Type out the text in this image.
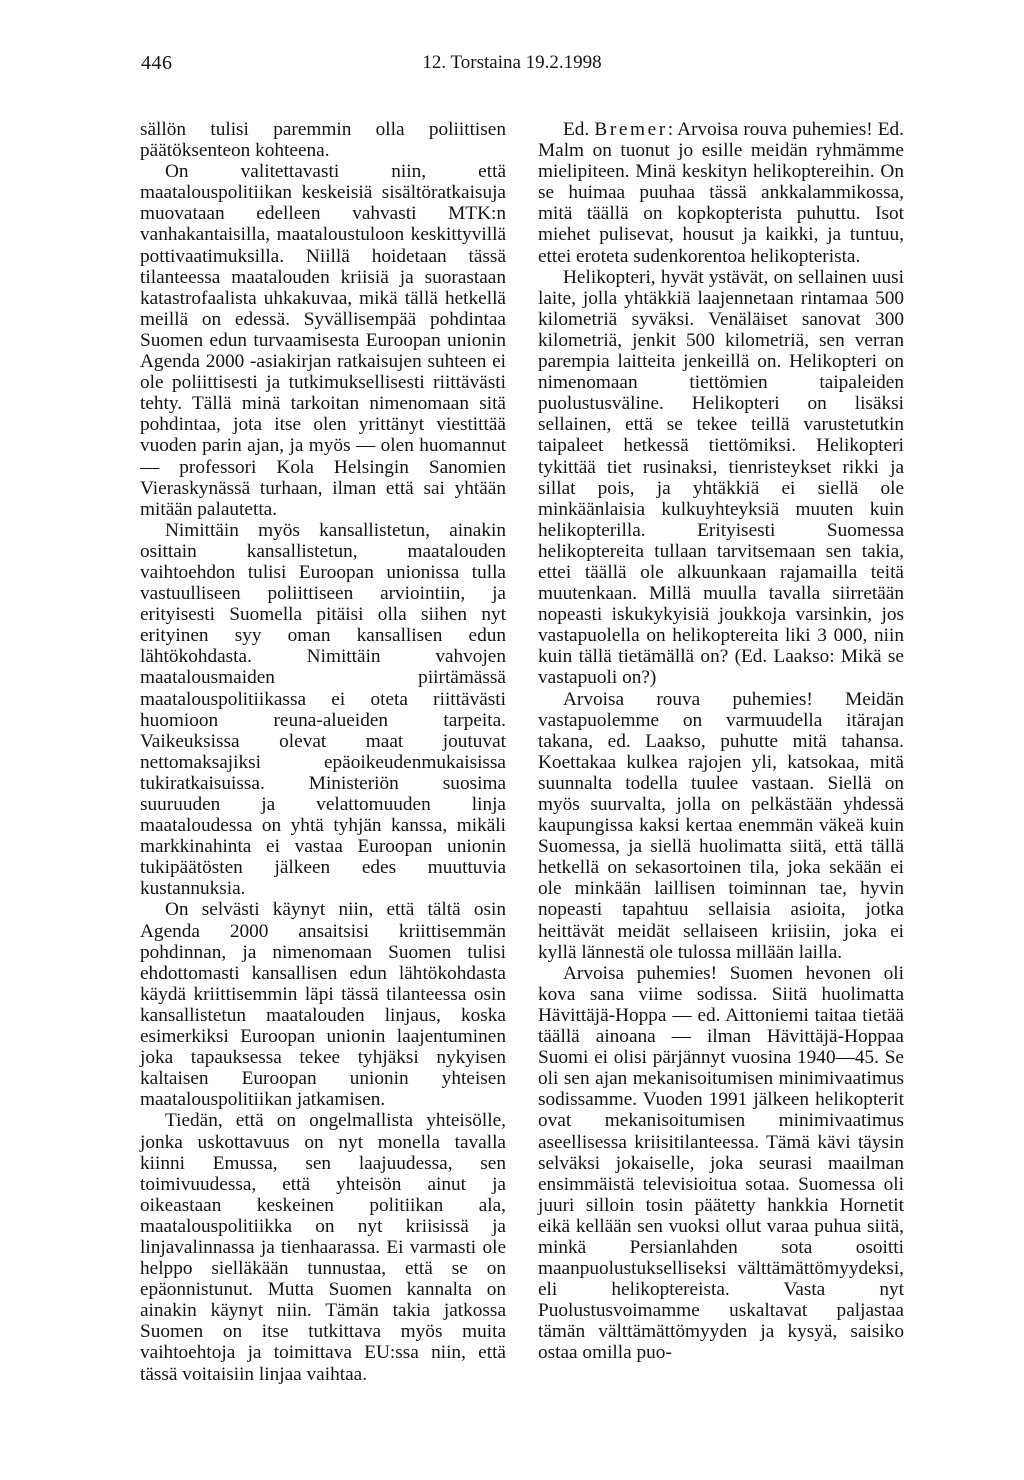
446	12. Torstaina 19.2.1998

sällön tulisi paremmin olla poliittisen päätöksenteon kohteena.

On valitettavasti niin, että maatalouspolitiikan keskeisiä sisältöratkaisuja muovataan edelleen vahvasti MTK:n vanhakantaisilla, maataloustuloon keskittyvillä pottivaatimuksilla. Niillä hoidetaan tässä tilanteessa maatalouden kriisiä ja suorastaan katastrofaalista uhkakuvaa, mikä tällä hetkellä meillä on edessä. Syvällisempää pohdintaa Suomen edun turvaamisesta Euroopan unionin Agenda 2000 -asiakirjan ratkaisujen suhteen ei ole poliittisesti ja tutkimuksellisesti riittävästi tehty. Tällä minä tarkoitan nimenomaan sitä pohdintaa, jota itse olen yrittänyt viestittää vuoden parin ajan, ja myös — olen huomannut — professori Kola Helsingin Sanomien Vieraskynässä turhaan, ilman että sai yhtään mitään palautetta.

Nimittäin myös kansallistetun, ainakin osittain kansallistetun, maatalouden vaihtoehdon tulisi Euroopan unionissa tulla vastuulliseen poliittiseen arviointiin, ja erityisesti Suomella pitäisi olla siihen nyt erityinen syy oman kansallisen edun lähtökohdasta. Nimittäin vahvojen maatalousmaiden piirtämässä maatalouspolitiikassa ei oteta riittävästi huomioon reuna-alueiden tarpeita. Vaikeuksissa olevat maat joutuvat nettomaksajiksi epäoikeudenmukaisissa tukiratkaisuissa. Ministeriön suosima suuruuden ja velattomuuden linja maataloudessa on yhtä tyhjän kanssa, mikäli markkinahinta ei vastaa Euroopan unionin tukipäätösten jälkeen edes muuttuvia kustannuksia.

On selvästi käynyt niin, että tältä osin Agenda 2000 ansaitsisi kriittisemmän pohdinnan, ja nimenomaan Suomen tulisi ehdottomasti kansallisen edun lähtökohdasta käydä kriittisemmin läpi tässä tilanteessa osin kansallistetun maatalouden linjaus, koska esimerkiksi Euroopan unionin laajentuminen joka tapauksessa tekee tyhjäksi nykyisen kaltaisen Euroopan unionin yhteisen maatalouspolitiikan jatkamisen.

Tiedän, että on ongelmallista yhteisölle, jonka uskottavuus on nyt monella tavalla kiinni Emussa, sen laajuudessa, sen toimivuudessa, että yhteisön ainut ja oikeastaan keskeinen politiikan ala, maatalouspolitiikka on nyt kriisissä ja linjavalinnassa ja tienhaarassa. Ei varmasti ole helppo sielläkään tunnustaa, että se on epäonnistunut. Mutta Suomen kannalta on ainakin käynyt niin. Tämän takia jatkossa Suomen on itse tutkittava myös muita vaihtoehtoja ja toimittava EU:ssa niin, että tässä voitaisiin linjaa vaihtaa.

Ed. Bremer: Arvoisa rouva puhemies! Ed. Malm on tuonut jo esille meidän ryhmämme mielipiteen. Minä keskityn helikoptereihin. On se huimaa puuhaa tässä ankkalammikossa, mitä täällä on kopkopterista puhuttu. Isot miehet pulisevat, housut ja kaikki, ja tuntuu, ettei eroteta sudenkorentoa helikopterista.

Helikopteri, hyvät ystävät, on sellainen uusi laite, jolla yhtäkkiä laajennetaan rintamaa 500 kilometriä syväksi. Venäläiset sanovat 300 kilometriä, jenkit 500 kilometriä, sen verran parempia laitteita jenkeillä on. Helikopteri on nimenomaan tiettömien taipaleiden puolustusväline. Helikopteri on lisäksi sellainen, että se tekee teillä varustetutkin taipaleet hetkessä tiettömiksi. Helikopteri tykittää tiet rusinaksi, tienristeykset rikki ja sillat pois, ja yhtäkkiä ei siellä ole minkäänlaisia kulkuyhteyksiä muuten kuin helikopterilla. Erityisesti Suomessa helikoptereita tullaan tarvitsemaan sen takia, ettei täällä ole alkuunkaan rajamailla teitä muutenkaan. Millä muulla tavalla siirretään nopeasti iskukykyisiä joukkoja varsinkin, jos vastapuolella on helikoptereita liki 3 000, niin kuin tällä tietämällä on? (Ed. Laakso: Mikä se vastapuoli on?)

Arvoisa rouva puhemies! Meidän vastapuolemme on varmuudella itärajan takana, ed. Laakso, puhutte mitä tahansa. Koettakaa kulkea rajojen yli, katsokaa, mitä suunnalta todella tuulee vastaan. Siellä on myös suurvalta, jolla on pelkästään yhdessä kaupungissa kaksi kertaa enemmän väkeä kuin Suomessa, ja siellä huolimatta siitä, että tällä hetkellä on sekasortoinen tila, joka sekään ei ole minkään laillisen toiminnan tae, hyvin nopeasti tapahtuu sellaisia asioita, jotka heittävät meidät sellaiseen kriisiin, joka ei kyllä lännestä ole tulossa millään lailla.

Arvoisa puhemies! Suomen hevonen oli kova sana viime sodissa. Siitä huolimatta Hävittäjä-Hoppa — ed. Aittoniemi taitaa tietää täällä ainoana — ilman Hävittäjä-Hoppaa Suomi ei olisi pärjännyt vuosina 1940—45. Se oli sen ajan mekanisoitumisen minimivaatimus sodissamme. Vuoden 1991 jälkeen helikopterit ovat mekanisoitumisen minimivaatimus aseellisessa kriisitilanteessa. Tämä kävi täysin selväksi jokaiselle, joka seurasi maailman ensimmäistä televisioitua sotaa. Suomessa oli juuri silloin tosin päätetty hankkia Hornetit eikä kellään sen vuoksi ollut varaa puhua siitä, minkä Persianlahden sota osoitti maanpuolustukselliseksi välttämättömyydeksi, eli helikoptereista. Vasta nyt Puolustusvoimamme uskaltavat paljastaa tämän välttämättömyyden ja kysyä, saisiko ostaa omilla puo-
